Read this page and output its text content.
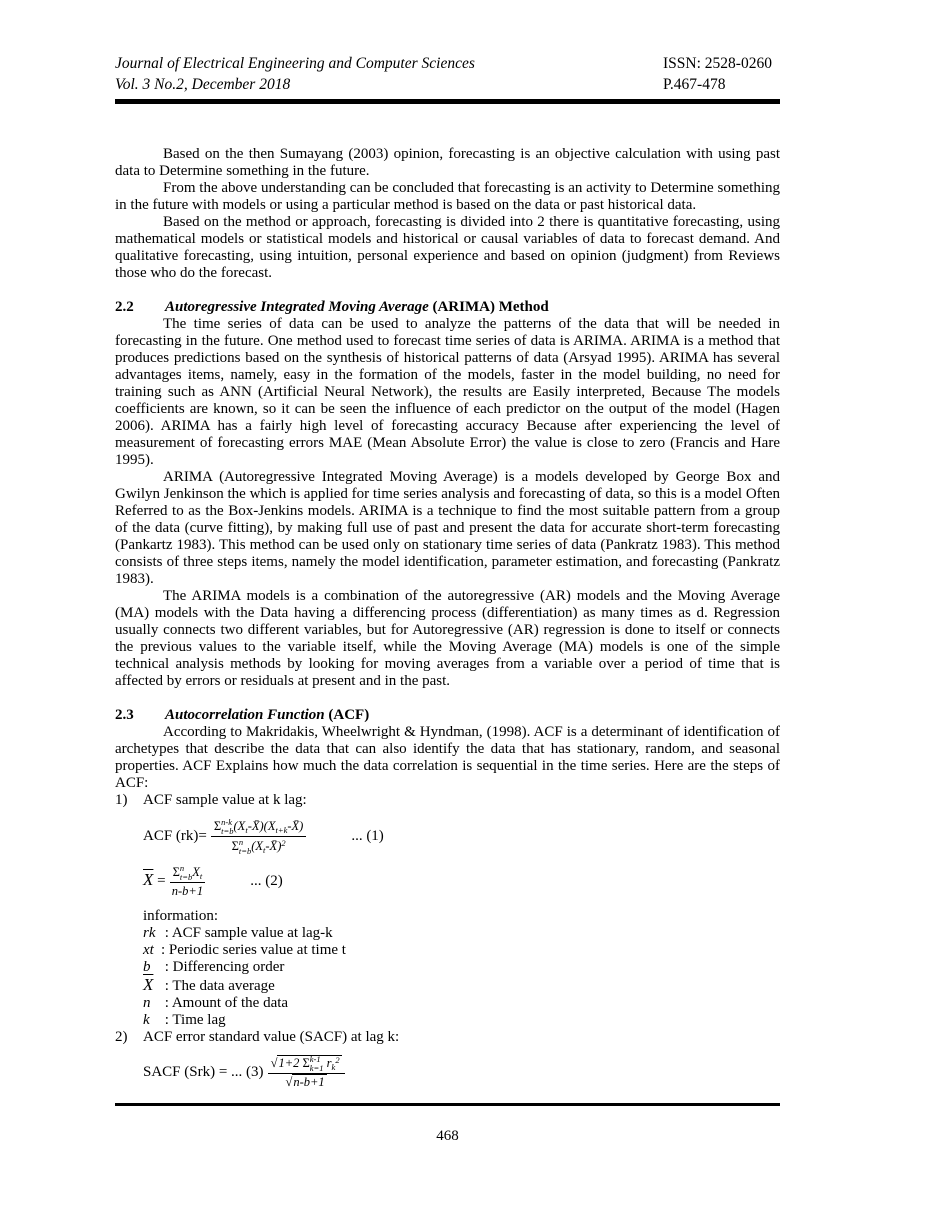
Journal of Electrical Engineering and Computer Sciences
Vol. 3 No.2, December 2018
ISSN: 2528-0260
P.467-478

Based on the then Sumayang (2003) opinion, forecasting is an objective calculation with using past data to Determine something in the future.

From the above understanding can be concluded that forecasting is an activity to Determine something in the future with models or using a particular method is based on the data or past historical data.

Based on the method or approach, forecasting is divided into 2 there is quantitative forecasting, using mathematical models or statistical models and historical or causal variables of data to forecast demand. And qualitative forecasting, using intuition, personal experience and based on opinion (judgment) from Reviews those who do the forecast.

2.2 Autoregressive Integrated Moving Average (ARIMA) Method

The time series of data can be used to analyze the patterns of the data that will be needed in forecasting in the future. One method used to forecast time series of data is ARIMA. ARIMA is a method that produces predictions based on the synthesis of historical patterns of data (Arsyad 1995). ARIMA has several advantages items, namely, easy in the formation of the models, faster in the model building, no need for training such as ANN (Artificial Neural Network), the results are Easily interpreted, Because The models coefficients are known, so it can be seen the influence of each predictor on the output of the model (Hagen 2006). ARIMA has a fairly high level of forecasting accuracy Because after experiencing the level of measurement of forecasting errors MAE (Mean Absolute Error) the value is close to zero (Francis and Hare 1995).

ARIMA (Autoregressive Integrated Moving Average) is a models developed by George Box and Gwilyn Jenkinson the which is applied for time series analysis and forecasting of data, so this is a model Often Referred to as the Box-Jenkins models. ARIMA is a technique to find the most suitable pattern from a group of the data (curve fitting), by making full use of past and present the data for accurate short-term forecasting (Pankartz 1983). This method can be used only on stationary time series of data (Pankratz 1983). This method consists of three steps items, namely the model identification, parameter estimation, and forecasting (Pankratz 1983).

The ARIMA models is a combination of the autoregressive (AR) models and the Moving Average (MA) models with the Data having a differencing process (differentiation) as many times as d. Regression usually connects two different variables, but for Autoregressive (AR) regression is done to itself or connects the previous values to the variable itself, while the Moving Average (MA) models is one of the simple technical analysis methods by looking for moving averages from a variable over a period of time that is affected by errors or residuals at present and in the past.

2.3 Autocorrelation Function (ACF)

According to Makridakis, Wheelwright & Hyndman, (1998). ACF is a determinant of identification of archetypes that describe the data that can also identify the data that has stationary, random, and seasonal properties. ACF Explains how much the data correlation is sequential in the time series. Here are the steps of ACF:

1) ACF sample value at k lag:
ACF (rk)= Σ n-k
t=b $(X_t-X̄)(X_{t+k}-X̄)$
Σ n
t=b $(X_t-X̄)^2$	... (1)
$\overline{X} = \Sigma$ n
t=b $X_t$
n-b+1	... (2)
information:
rk : ACF sample value at lag-k
xt : Periodic series value at time t
b : Differencing order
$\overline{X}$ : The data average
n : Amount of the data
k : Time lag
2) ACF error standard value (SACF) at lag k:
SACF (Srk) = ... (3) √1+2 Σ k-1
k=1 $r_k^2$
√n-b+1
468
